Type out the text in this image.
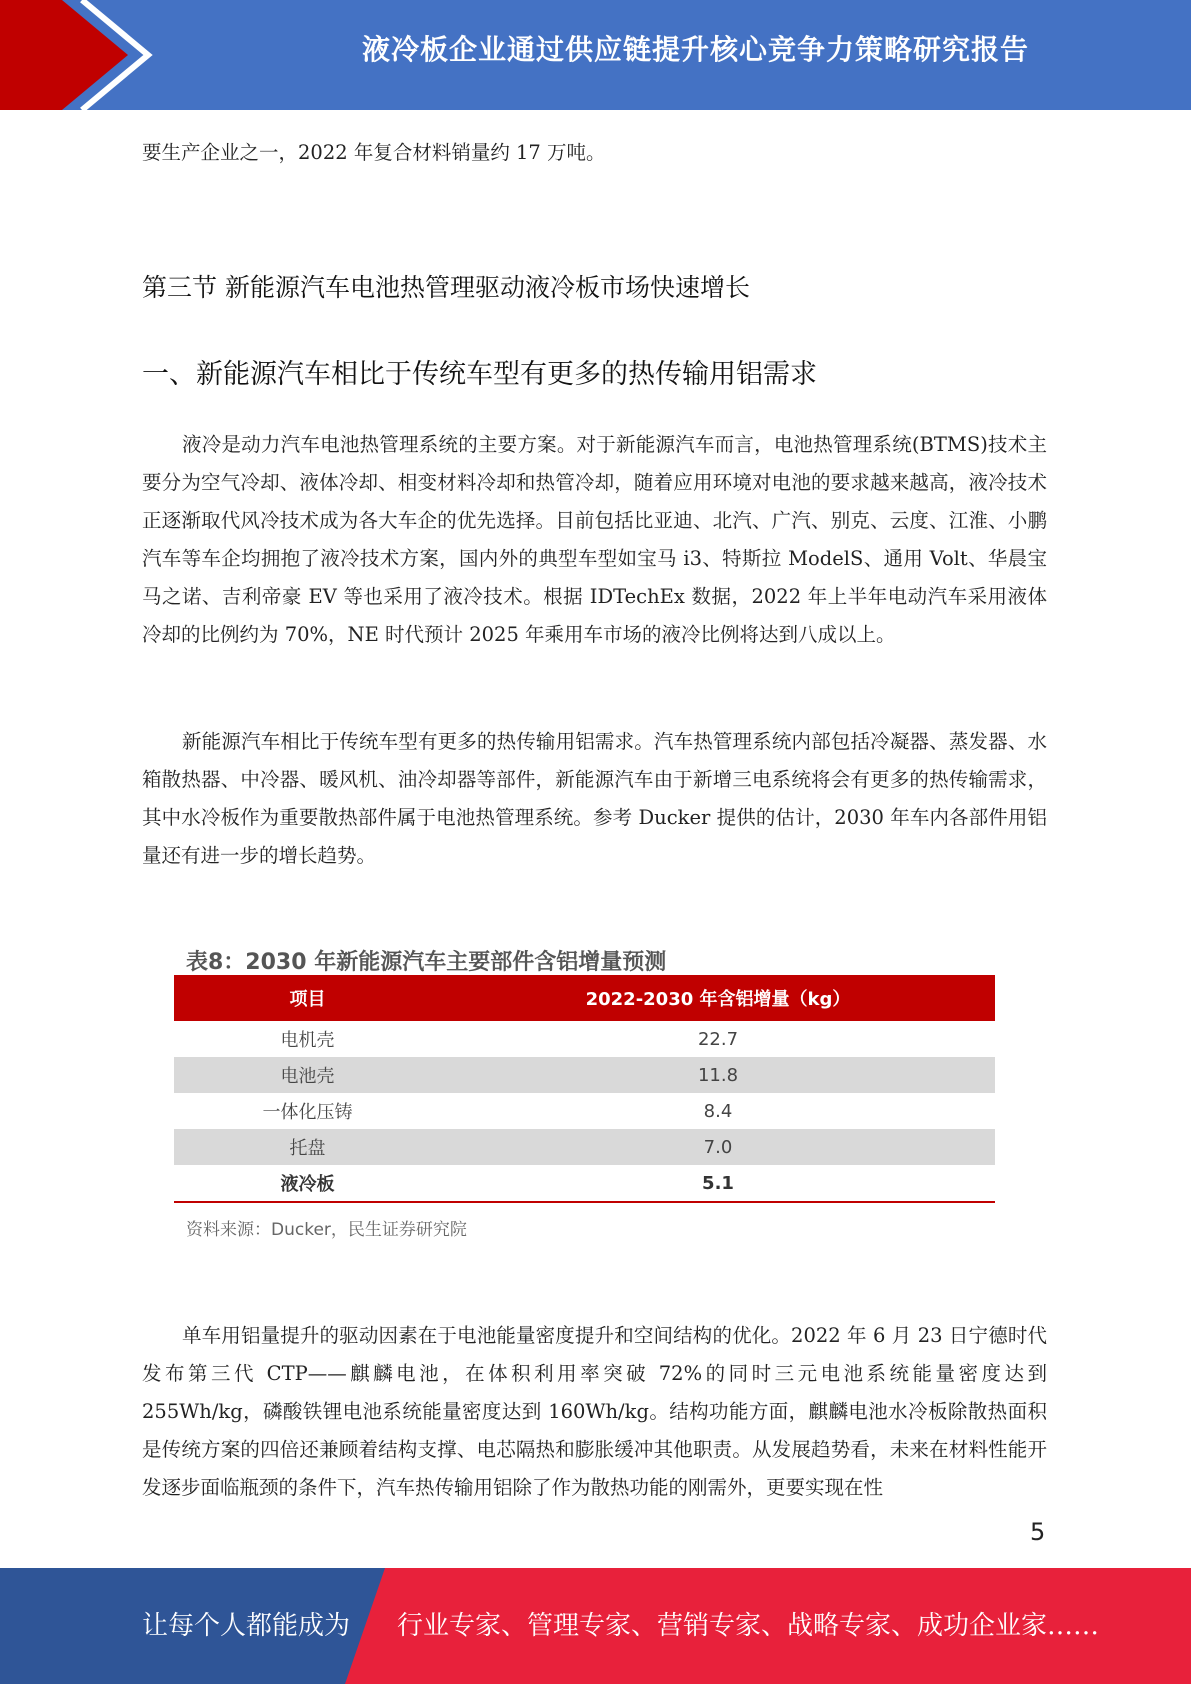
液冷板企业通过供应链提升核心竞争力策略研究报告

要生产企业之一，2022 年复合材料销量约 17 万吨。

第三节 新能源汽车电池热管理驱动液冷板市场快速增长
一、新能源汽车相比于传统车型有更多的热传输用铝需求

液冷是动力汽车电池热管理系统的主要方案。对于新能源汽车而言，电池热管理系统(BTMS)技术主要分为空气冷却、液体冷却、相变材料冷却和热管冷却，随着应用环境对电池的要求越来越高，液冷技术正逐渐取代风冷技术成为各大车企的优先选择。目前包括比亚迪、北汽、广汽、别克、云度、江淮、小鹏汽车等车企均拥抱了液冷技术方案，国内外的典型车型如宝马 i3、特斯拉 ModelS、通用 Volt、华晨宝马之诺、吉利帝豪 EV 等也采用了液冷技术。根据 IDTechEx 数据，2022 年上半年电动汽车采用液体冷却的比例约为 70%，NE 时代预计 2025 年乘用车市场的液冷比例将达到八成以上。

新能源汽车相比于传统车型有更多的热传输用铝需求。汽车热管理系统内部包括冷凝器、蒸发器、水箱散热器、中冷器、暖风机、油冷却器等部件，新能源汽车由于新增三电系统将会有更多的热传输需求，其中水冷板作为重要散热部件属于电池热管理系统。参考 Ducker 提供的估计，2030 年车内各部件用铝量还有进一步的增长趋势。

表8：2030 年新能源汽车主要部件含铝增量预测
项目	2022-2030 年含铝增量（kg）
电机壳	22.7
电池壳	11.8
一体化压铸	8.4
托盘	7.0
液冷板	5.1
资料来源：Ducker，民生证券研究院

单车用铝量提升的驱动因素在于电池能量密度提升和空间结构的优化。2022 年 6 月 23 日宁德时代发布第三代 CTP——麒麟电池，在体积利用率突破 72%的同时三元电池系统能量密度达到 255Wh/kg，磷酸铁锂电池系统能量密度达到 160Wh/kg。结构功能方面，麒麟电池水冷板除散热面积是传统方案的四倍还兼顾着结构支撑、电芯隔热和膨胀缓冲其他职责。从发展趋势看，未来在材料性能开发逐步面临瓶颈的条件下，汽车热传输用铝除了作为散热功能的刚需外，更要实现在性

5
让每个人都能成为 行业专家、管理专家、营销专家、战略专家、成功企业家……
